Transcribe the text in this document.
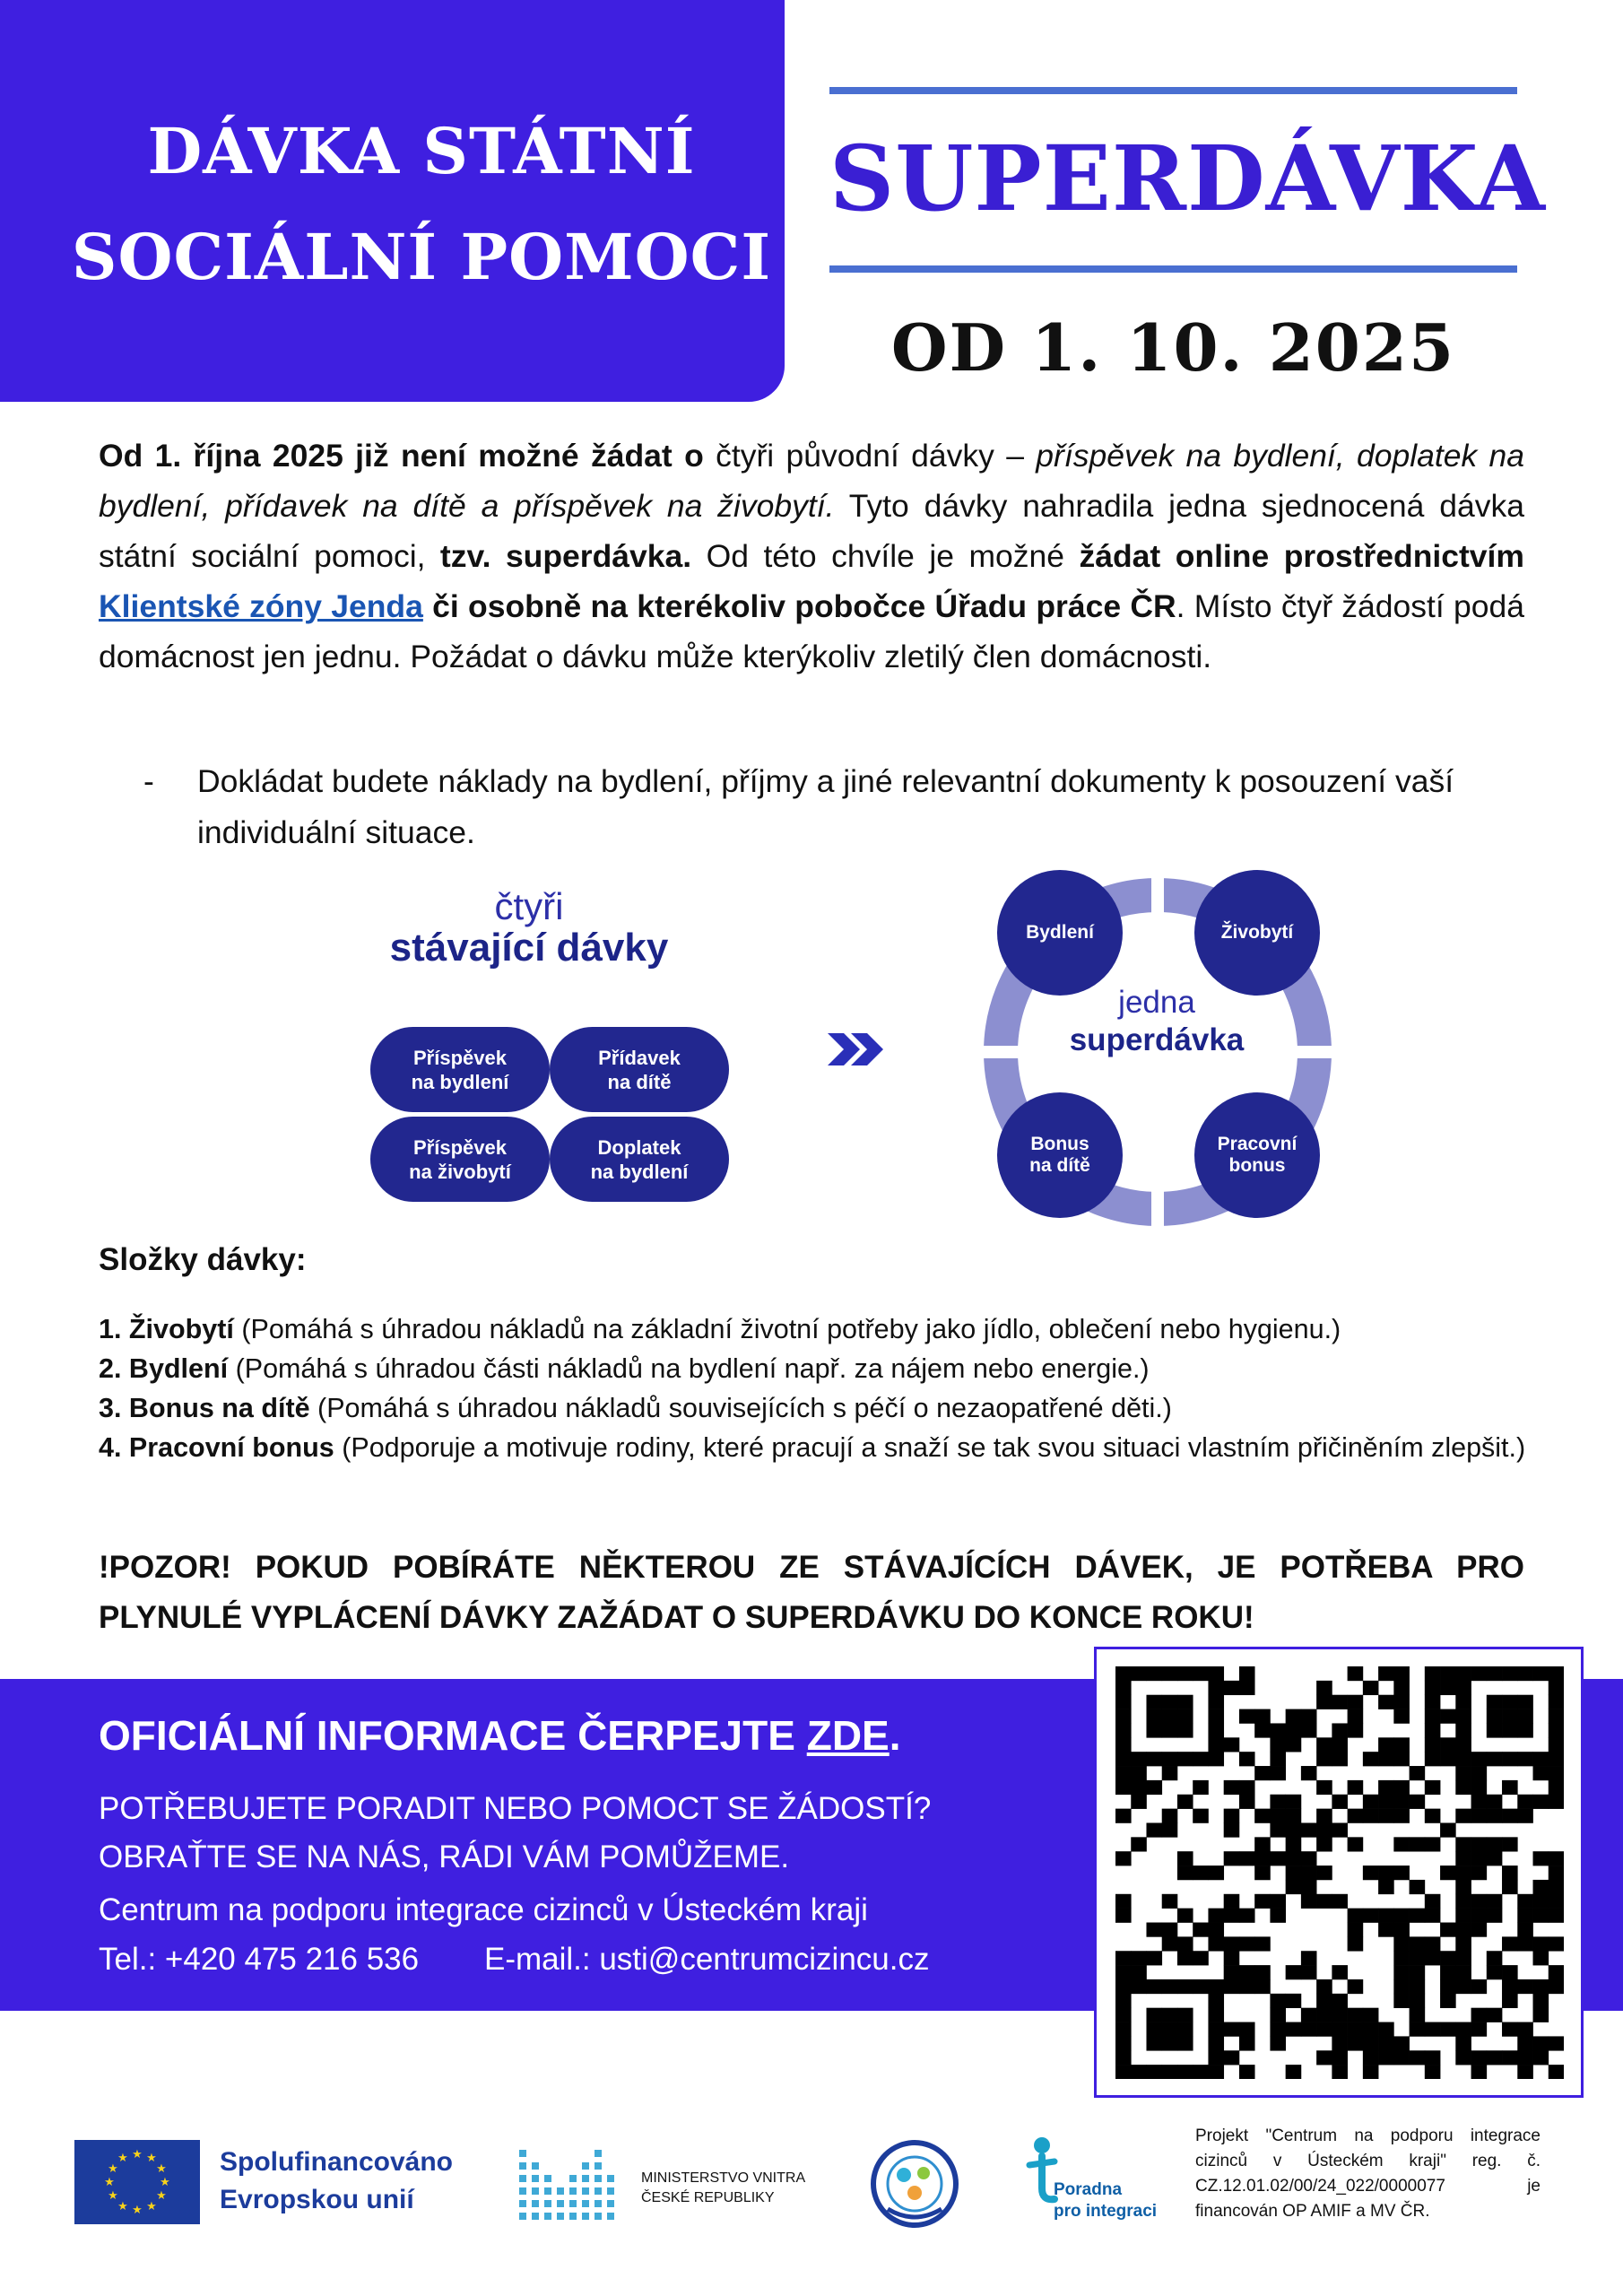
DÁVKA STÁTNÍ
SOCIÁLNÍ POMOCI
SUPERDÁVKA
OD 1. 10. 2025
Od 1. října 2025 již není možné žádat o čtyři původní dávky – příspěvek na bydlení, doplatek na bydlení, přídavek na dítě a příspěvek na živobytí. Tyto dávky nahradila jedna sjednocená dávka státní sociální pomoci, tzv. superdávka. Od této chvíle je možné žádat online prostřednictvím Klientské zóny Jenda či osobně na kterékoliv pobočce Úřadu práce ČR. Místo čtyř žádostí podá domácnost jen jednu. Požádat o dávku může kterýkoliv zletilý člen domácnosti.
- Dokládat budete náklady na bydlení, příjmy a jiné relevantní dokumenty k posouzení vaší individuální situace.
čtyři
stávající dávky
Příspěvek
na bydlení
Přídavek
na dítě
Příspěvek
na živobytí
Doplatek
na bydlení
jedna
superdávka
Bydlení	Živobytí
Bonus
na dítě
Pracovní
bonus
Složky dávky:
1. Živobytí (Pomáhá s úhradou nákladů na základní životní potřeby jako jídlo, oblečení nebo hygienu.)
2. Bydlení (Pomáhá s úhradou části nákladů na bydlení např. za nájem nebo energie.)
3. Bonus na dítě (Pomáhá s úhradou nákladů souvisejících s péčí o nezaopatřené děti.)
4. Pracovní bonus (Podporuje a motivuje rodiny, které pracují a snaží se tak svou situaci vlastním přičiněním zlepšit.)
!POZOR! POKUD POBÍRÁTE NĚKTEROU ZE STÁVAJÍCÍCH DÁVEK, JE POTŘEBA PRO PLYNULÉ VYPLÁCENÍ DÁVKY ZAŽÁDAT O SUPERDÁVKU DO KONCE ROKU!
OFICIÁLNÍ INFORMACE ČERPEJTE ZDE.
POTŘEBUJETE PORADIT NEBO POMOCT SE ŽÁDOSTÍ? OBRAŤTE SE NA NÁS, RÁDI VÁM POMŮŽEME.
Centrum na podporu integrace cizinců v Ústeckém kraji
Tel.: +420 475 216 536 E-mail.: usti@centrumcizincu.cz
★ ★
★
★
★
★
★
★
★
★
★
★	Spolufinancováno
Evropskou unií
MINISTERSTVO VNITRA
ČESKÉ REPUBLIKY	Poradna
pro integraci
Projekt "Centrum na podporu integrace cizinců v Ústeckém kraji" reg. č. CZ.12.01.02/00/24_022/0000077 je financován OP AMIF a MV ČR.
